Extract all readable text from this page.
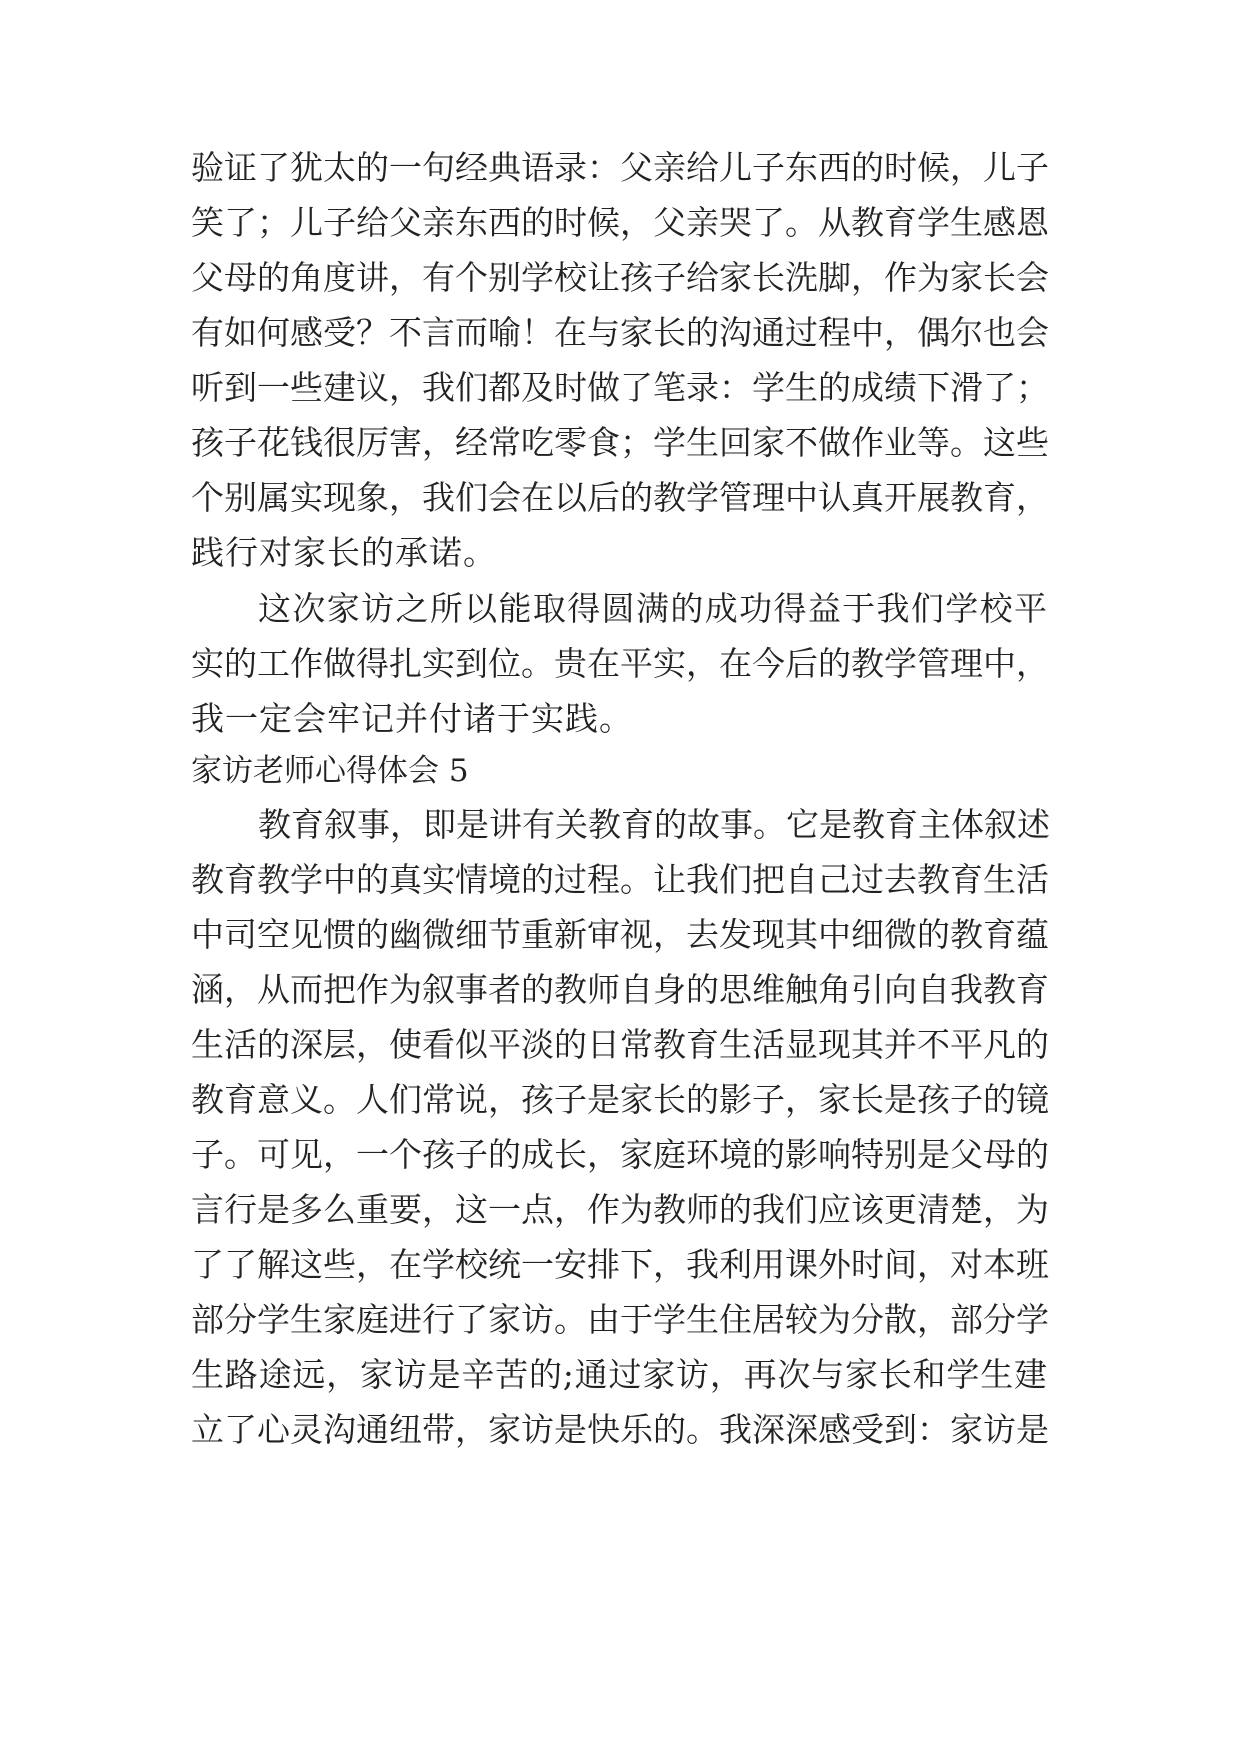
验证了犹太的一句经典语录：父亲给儿子东西的时候，儿子
笑了；儿子给父亲东西的时候，父亲哭了。从教育学生感恩
父母的角度讲，有个别学校让孩子给家长洗脚，作为家长会
有如何感受？不言而喻！在与家长的沟通过程中，偶尔也会
听到一些建议，我们都及时做了笔录：学生的成绩下滑了；
孩子花钱很厉害，经常吃零食；学生回家不做作业等。这些
个别属实现象，我们会在以后的教学管理中认真开展教育，
践行对家长的承诺。
这次家访之所以能取得圆满的成功得益于我们学校平
实的工作做得扎实到位。贵在平实，在今后的教学管理中，
我一定会牢记并付诸于实践。
家访老师心得体会 5
教育叙事，即是讲有关教育的故事。它是教育主体叙述
教育教学中的真实情境的过程。让我们把自己过去教育生活
中司空见惯的幽微细节重新审视，去发现其中细微的教育蕴
涵，从而把作为叙事者的教师自身的思维触角引向自我教育
生活的深层，使看似平淡的日常教育生活显现其并不平凡的
教育意义。人们常说，孩子是家长的影子，家长是孩子的镜
子。可见，一个孩子的成长，家庭环境的影响特别是父母的
言行是多么重要，这一点，作为教师的我们应该更清楚，为
了了解这些，在学校统一安排下，我利用课外时间，对本班
部分学生家庭进行了家访。由于学生住居较为分散，部分学
生路途远，家访是辛苦的;通过家访，再次与家长和学生建
立了心灵沟通纽带，家访是快乐的。我深深感受到：家访是
